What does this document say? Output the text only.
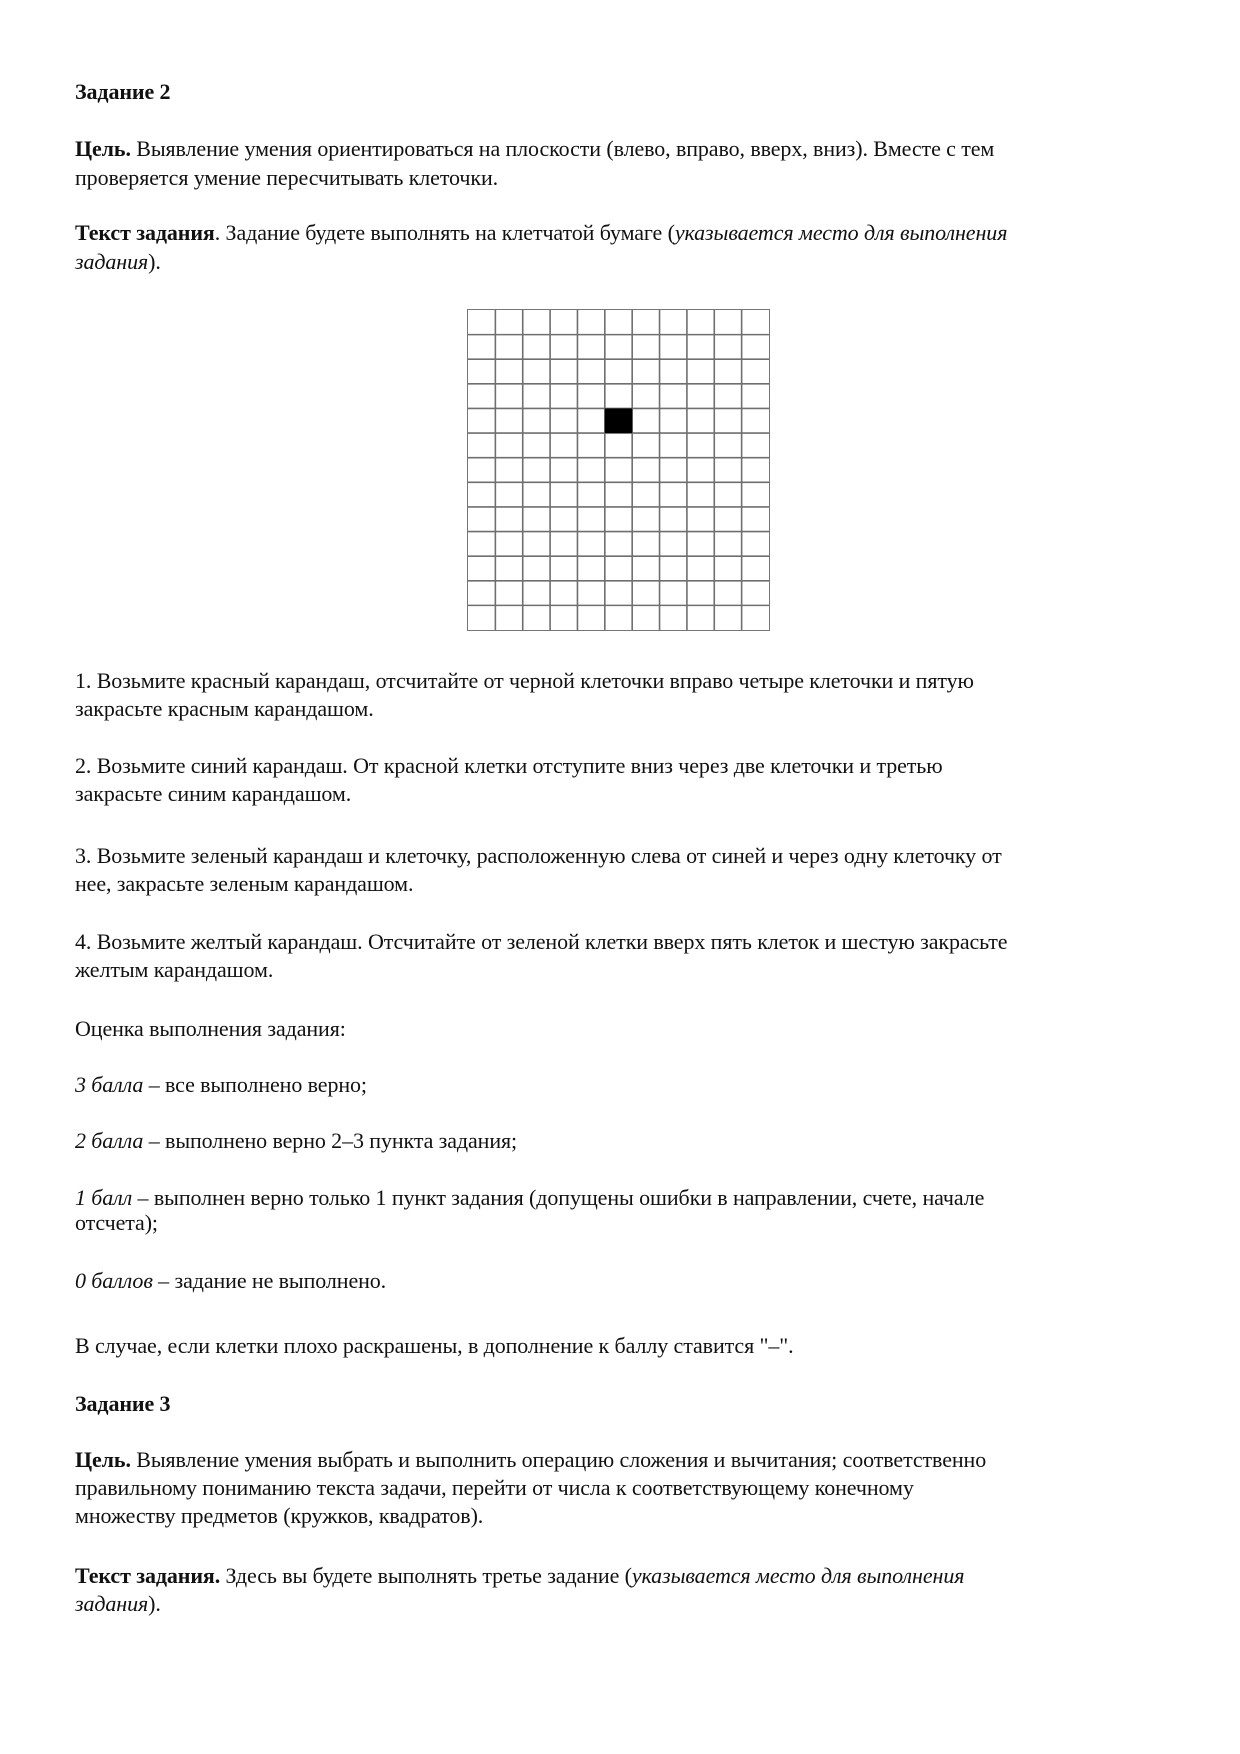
Задание 2
Цель. Выявление умения ориентироваться на плоскости (влево, вправо, вверх, вниз). Вместе с тем
проверяется умение пересчитывать клеточки.
Текст задания. Задание будете выполнять на клетчатой бумаге (указывается место для выполнения
задания).
1. Возьмите красный карандаш, отсчитайте от черной клеточки вправо четыре клеточки и пятую
закрасьте красным карандашом.
2. Возьмите синий карандаш. От красной клетки отступите вниз через две клеточки и третью
закрасьте синим карандашом.
3. Возьмите зеленый карандаш и клеточку, расположенную слева от синей и через одну клеточку от
нее, закрасьте зеленым карандашом.
4. Возьмите желтый карандаш. Отсчитайте от зеленой клетки вверх пять клеток и шестую закрасьте
желтым карандашом.
Оценка выполнения задания:
3 балла – все выполнено верно;
2 балла – выполнено верно 2–3 пункта задания;
1 балл – выполнен верно только 1 пункт задания (допущены ошибки в направлении, счете, начале
отсчета);
0 баллов – задание не выполнено.
В случае, если клетки плохо раскрашены, в дополнение к баллу ставится "–".
Задание 3
Цель. Выявление умения выбрать и выполнить операцию сложения и вычитания; соответственно
правильному пониманию текста задачи, перейти от числа к соответствующему конечному
множеству предметов (кружков, квадратов).
Текст задания. Здесь вы будете выполнять третье задание (указывается место для выполнения
задания).
